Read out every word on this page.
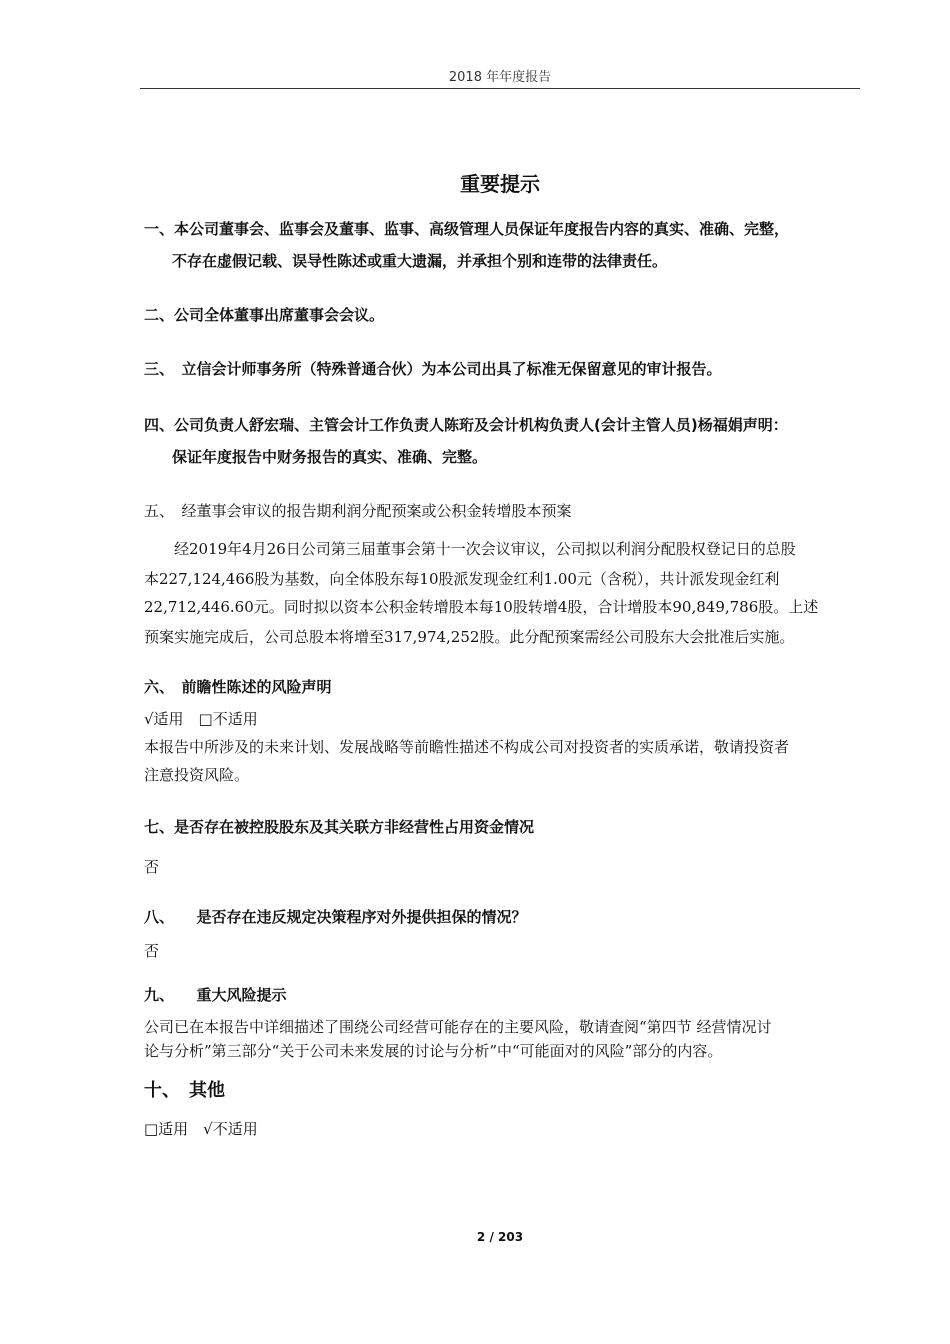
2018 年年度报告
重要提示
一、本公司董事会、监事会及董事、监事、高级管理人员保证年度报告内容的真实、准确、完整，
不存在虚假记载、误导性陈述或重大遗漏，并承担个别和连带的法律责任。
二、公司全体董事出席董事会会议。
三、　立信会计师事务所（特殊普通合伙）为本公司出具了标准无保留意见的审计报告。
四、公司负责人舒宏瑞、主管会计工作负责人陈珩及会计机构负责人(会计主管人员)杨福娟声明：
保证年度报告中财务报告的真实、准确、完整。
五、　经董事会审议的报告期利润分配预案或公积金转增股本预案
　　经2019年4月26日公司第三届董事会第十一次会议审议，公司拟以利润分配股权登记日的总股
本227,124,466股为基数，向全体股东每10股派发现金红利1.00元（含税），共计派发现金红利
22,712,446.60元。同时拟以资本公积金转增股本每10股转增4股，合计增股本90,849,786股。上述
预案实施完成后，公司总股本将增至317,974,252股。此分配预案需经公司股东大会批准后实施。
六、　前瞻性陈述的风险声明
√适用　□不适用
本报告中所涉及的未来计划、发展战略等前瞻性描述不构成公司对投资者的实质承诺，敬请投资者
注意投资风险。
七、是否存在被控股股东及其关联方非经营性占用资金情况
否
八、　　是否存在违反规定决策程序对外提供担保的情况？
否
九、　　重大风险提示
公司已在本报告中详细描述了围绕公司经营可能存在的主要风险，敬请查阅“第四节 经营情况讨
论与分析”第三部分“关于公司未来发展的讨论与分析”中“可能面对的风险”部分的内容。
十、　其他
□适用　√不适用
2 / 203
